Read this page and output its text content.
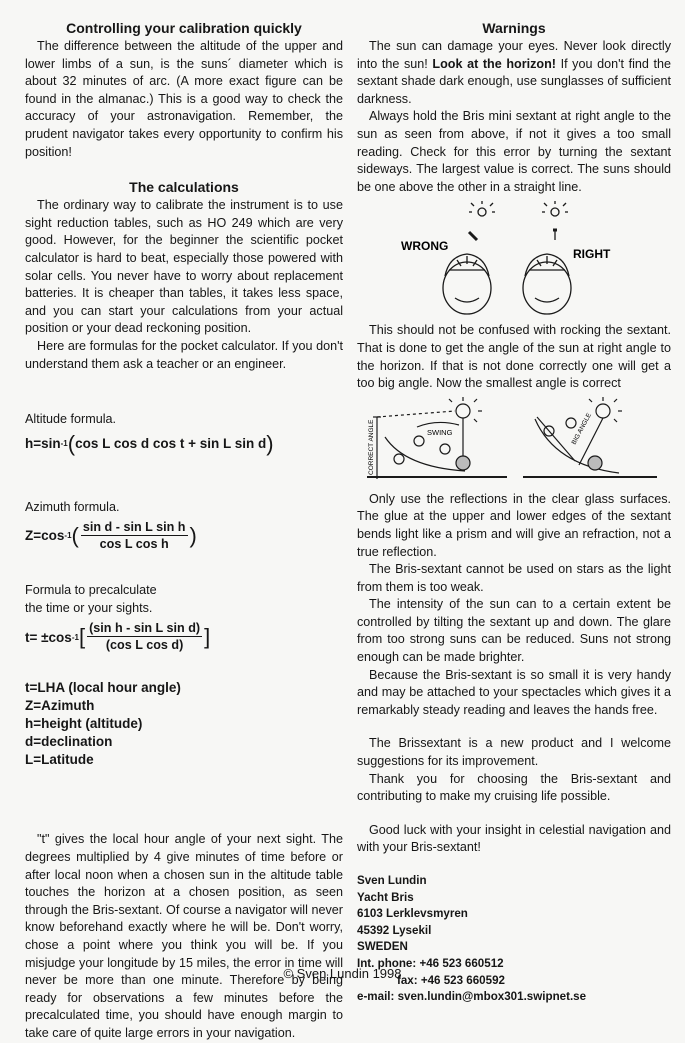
Controlling your calibration quickly

The difference between the altitude of the upper and lower limbs of a sun, is the suns´ diameter which is about 32 minutes of arc. (A more exact figure can be found in the almanac.) This is a good way to check the accuracy of your astronavigation. Remember, the prudent navigator takes every opportunity to confirm his position!

The calculations

The ordinary way to calibrate the instrument is to use sight reduction tables, such as HO 249 which are very good. However, for the beginner the scientific pocket calculator is hard to beat, especially those powered with solar cells. You never have to worry about replacement batteries. It is cheaper than tables, it takes less space, and you can start your calculations from your actual position or your dead reckoning position.

Here are formulas for the pocket calculator. If you don't understand them ask a teacher or an engineer.

Altitude formula.
h=sin -1 ( cos L cos d cos t + sin L sin d )
Azimuth formula.
Z=cos -1 ( $\frac{\text{sin d - sin L sin h}}{\text{cos L cos h}}$ )
Formula to precalculate
the time or your sights.
t= ±cos -1 [ $\frac{\text{(sin h - sin L sin d)}}{\text{(cos L cos d)}}$ ]
t=LHA (local hour angle)
Z=Azimuth
h=height (altitude)
d=declination
L=Latitude

"t" gives the local hour angle of your next sight. The degrees multiplied by 4 give minutes of time before or after local noon when a chosen sun in the altitude table touches the horizon at a chosen position, as seen through the Bris-sextant. Of course a navigator will never know beforehand exactly where he will be. Don't worry, chose a point where you think you will be. If you misjudge your longitude by 15 miles, the error in time will never be more than one minute. Therefore by being ready for observations a few minutes before the precalculated time, you should have enough margin to take care of quite large errors in your navigation.

Warnings

The sun can damage your eyes. Never look directly into the sun! Look at the horizon! If you don't find the sextant shade dark enough, use sunglasses of sufficient darkness.

Always hold the Bris mini sextant at right angle to the sun as seen from above, if not it gives a too small reading. Check for this error by turning the sextant sideways. The largest value is correct. The suns should be one above the other in a straight line.

WRONG
RIGHT

This should not be confused with rocking the sextant. That is done to get the angle of the sun at right angle to the horizon. If that is not done correctly one will get a too big angle. Now the smallest angle is correct

CORRECT ANGLE	SWING	BIG ANGLE

Only use the reflections in the clear glass surfaces. The glue at the upper and lower edges of the sextant bends light like a prism and will give an refraction, not a true reflection.

The Bris-sextant cannot be used on stars as the light from them is too weak.

The intensity of the sun can to a certain extent be controlled by tilting the sextant up and down. The glare from too strong suns can be reduced. Suns not strong enough can be made brighter.

Because the Bris-sextant is so small it is very handy and may be attached to your spectacles which gives it a remarkably steady reading and leaves the hands free.

The Brissextant is a new product and I welcome suggestions for its improvement.

Thank you for choosing the Bris-sextant and contributing to make my cruising life possible.

Good luck with your insight in celestial navigation and with your Bris-sextant!

Sven Lundin
Yacht Bris
6103 Lerklevsmyren
45392 Lysekil
SWEDEN
Int. phone: +46 523 660512
fax: +46 523 660592
e-mail: sven.lundin@mbox301.swipnet.se
© Sven Lundin 1998
